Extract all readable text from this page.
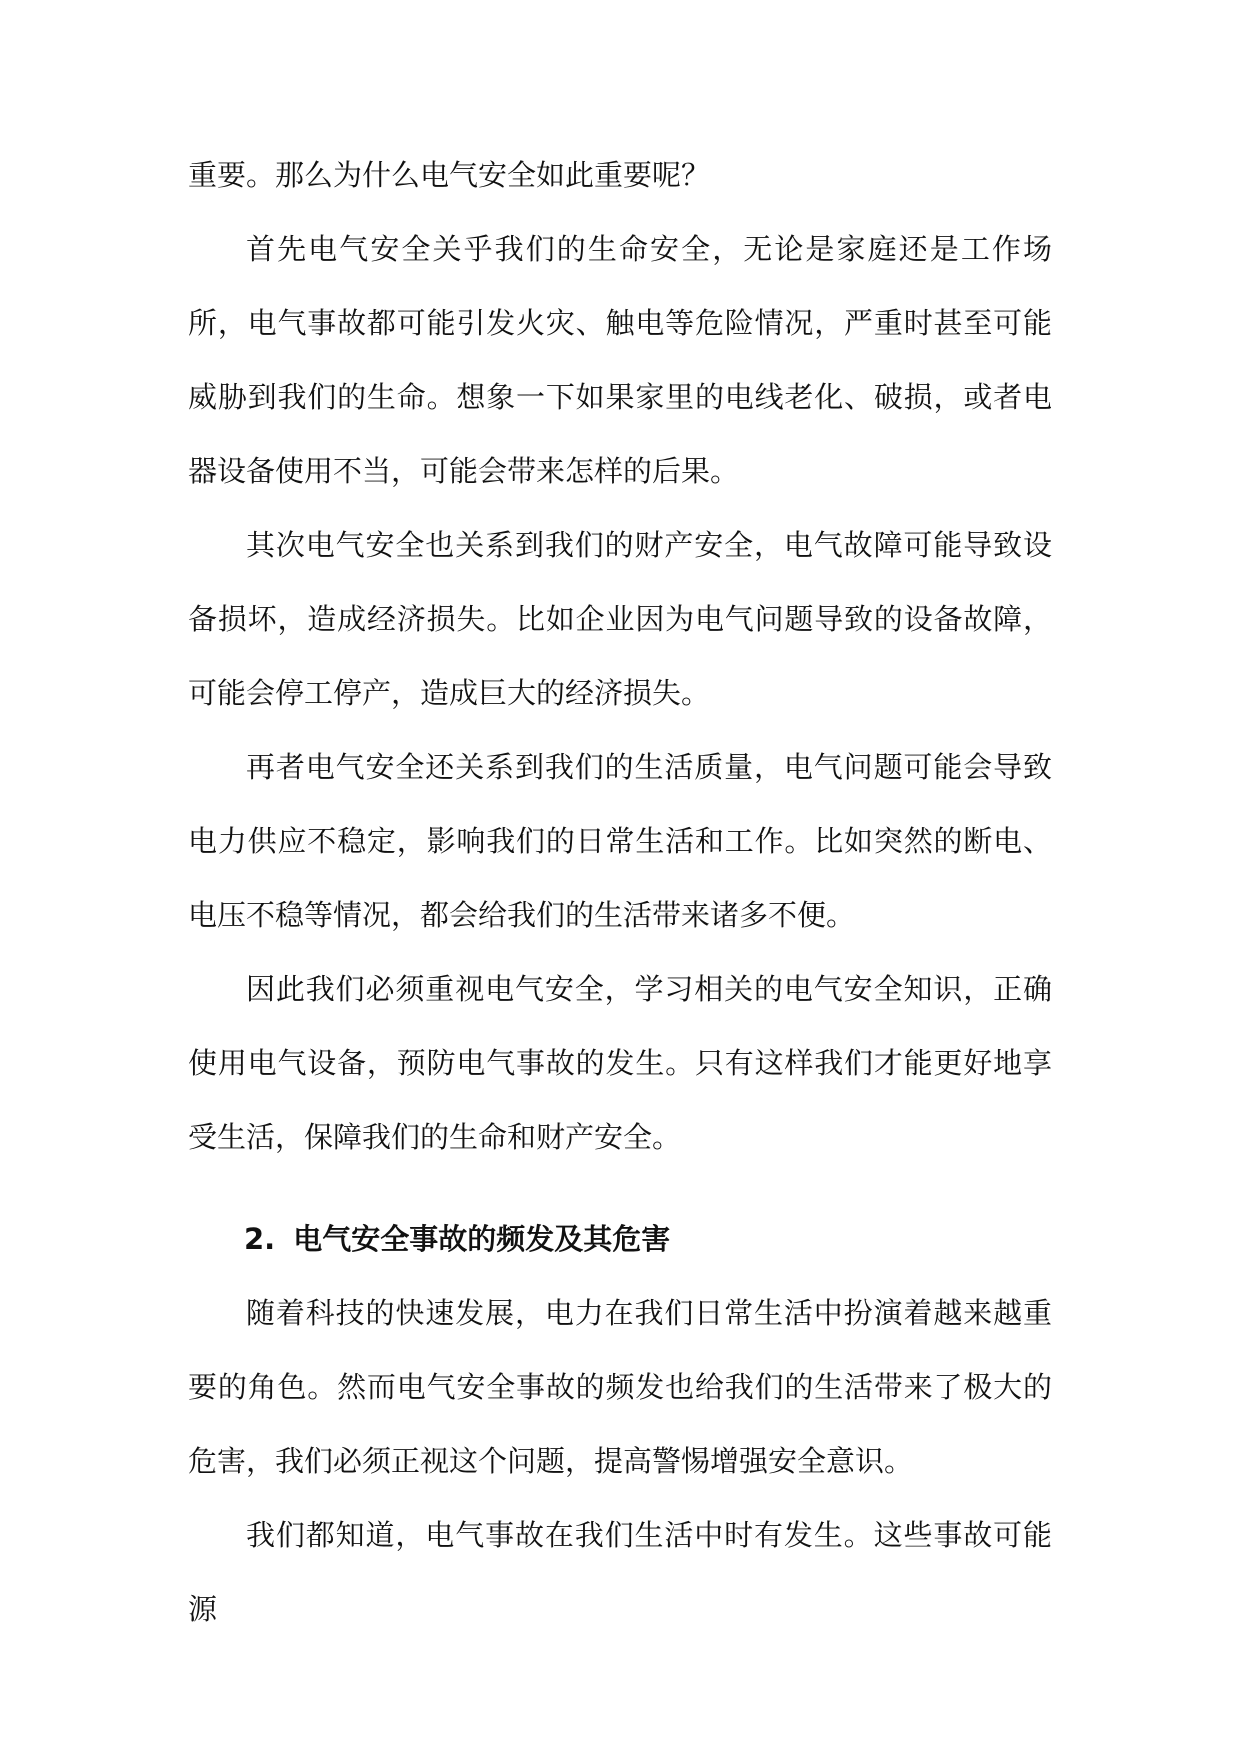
重要。那么为什么电气安全如此重要呢？

首先电气安全关乎我们的生命安全，无论是家庭还是工作场所，电气事故都可能引发火灾、触电等危险情况，严重时甚至可能威胁到我们的生命。想象一下如果家里的电线老化、破损，或者电器设备使用不当，可能会带来怎样的后果。

其次电气安全也关系到我们的财产安全，电气故障可能导致设备损坏，造成经济损失。比如企业因为电气问题导致的设备故障，可能会停工停产，造成巨大的经济损失。

再者电气安全还关系到我们的生活质量，电气问题可能会导致电力供应不稳定，影响我们的日常生活和工作。比如突然的断电、电压不稳等情况，都会给我们的生活带来诸多不便。

因此我们必须重视电气安全，学习相关的电气安全知识，正确使用电气设备，预防电气事故的发生。只有这样我们才能更好地享受生活，保障我们的生命和财产安全。

2. 电气安全事故的频发及其危害

随着科技的快速发展，电力在我们日常生活中扮演着越来越重要的角色。然而电气安全事故的频发也给我们的生活带来了极大的危害，我们必须正视这个问题，提高警惕增强安全意识。

我们都知道，电气事故在我们生活中时有发生。这些事故可能源
